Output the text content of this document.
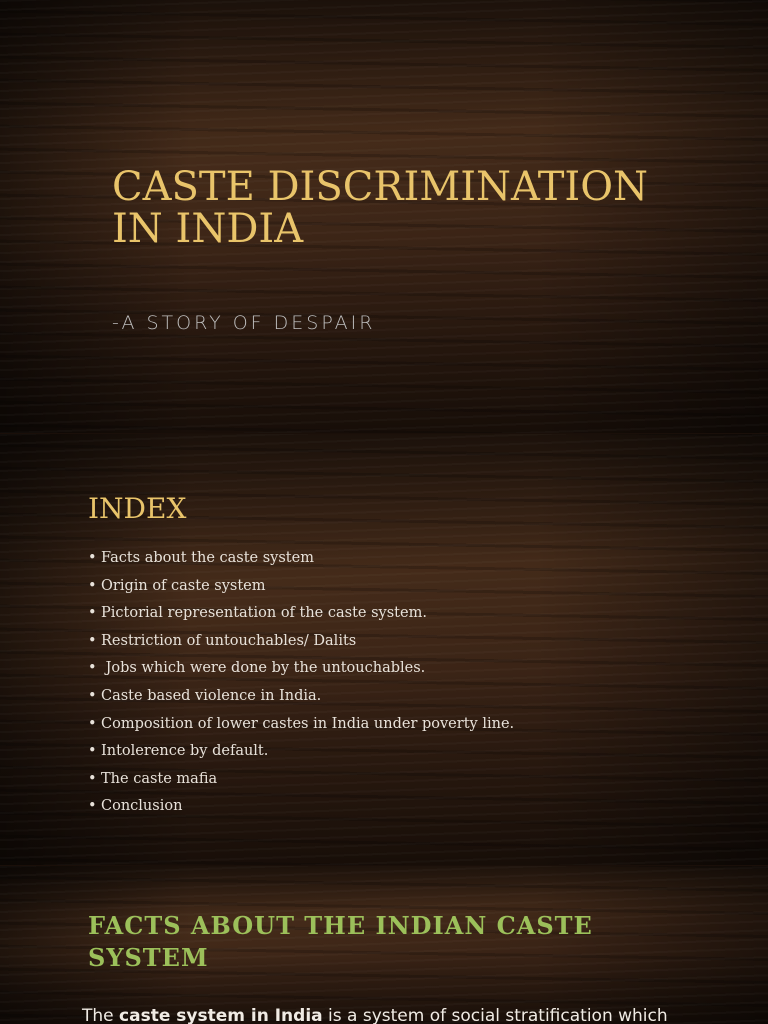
CASTE DISCRIMINATION IN INDIA

-A STORY OF DESPAIR

INDEX
• Facts about the caste system
• Origin of caste system
• Pictorial representation of the caste system.
• Restriction of untouchables/ Dalits
• Jobs which were done by the untouchables.
• Caste based violence in India.
• Composition of lower castes in India under poverty line.
• Intolerence by default.
• The caste mafia
• Conclusion
FACTS ABOUT THE INDIAN CASTE SYSTEM

The caste system in India is a system of social stratification which
